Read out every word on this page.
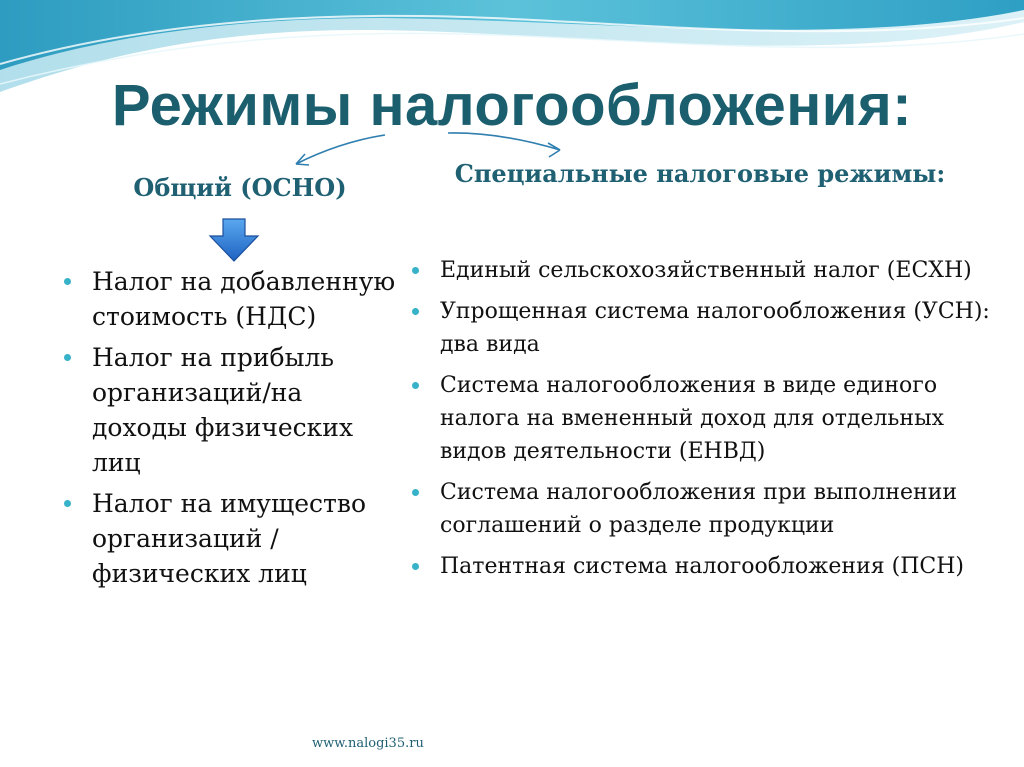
Режимы налогообложения:
Общий (ОСНО)	Специальные налоговые режимы:
Налог на добавленную стоимость (НДС)
Налог на прибыль организаций/на доходы физических лиц
Налог на имущество организаций / физических лиц
Единый сельскохозяйственный налог (ЕСХН)
Упрощенная система налогообложения (УСН): два вида
Система налогообложения в виде единого налога на вмененный доход для отдельных видов деятельности (ЕНВД)
Система налогообложения при выполнении соглашений о разделе продукции
Патентная система налогообложения (ПСН)
www.nalogi35.ru
